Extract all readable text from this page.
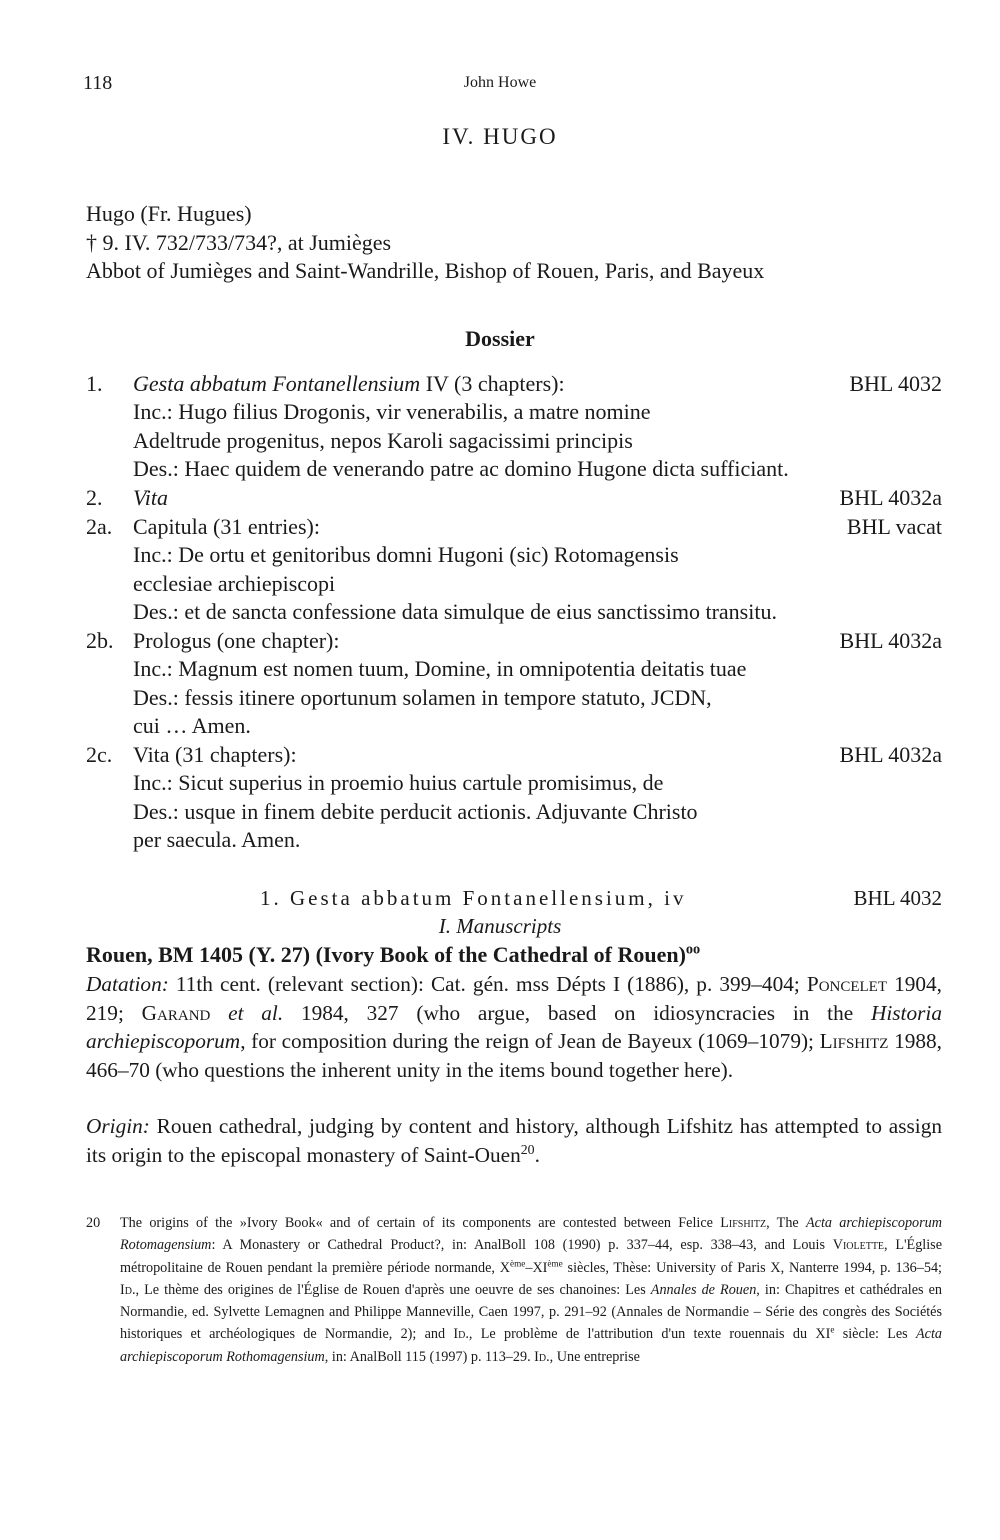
118	John Howe
IV. HUGO
Hugo (Fr. Hugues)
† 9. IV. 732/733/734?, at Jumièges
Abbot of Jumièges and Saint-Wandrille, Bishop of Rouen, Paris, and Bayeux
Dossier
1. Gesta abbatum Fontanellensium IV (3 chapters):	BHL 4032
Inc.: Hugo filius Drogonis, vir venerabilis, a matre nomine
Adeltrude progenitus, nepos Karoli sagacissimi principis
Des.: Haec quidem de venerando patre ac domino Hugone dicta sufficiant.
2. Vita	BHL 4032a
2a. Capitula (31 entries):	BHL vacat
Inc.: De ortu et genitoribus domni Hugoni (sic) Rotomagensis
ecclesiae archiepiscopi
Des.: et de sancta confessione data simulque de eius sanctissimo transitu.
2b. Prologus (one chapter):	BHL 4032a
Inc.: Magnum est nomen tuum, Domine, in omnipotentia deitatis tuae
Des.: fessis itinere oportunum solamen in tempore statuto, JCDN,
cui … Amen.
2c. Vita (31 chapters):	BHL 4032a
Inc.: Sicut superius in proemio huius cartule promisimus, de
Des.: usque in finem debite perducit actionis. Adjuvante Christo
per saecula. Amen.
1. Gesta abbatum Fontanellensium, iv	BHL 4032
I. Manuscripts
Rouen, BM 1405 (Y. 27) (Ivory Book of the Cathedral of Rouen)$^{oo}$
Datation: 11th cent. (relevant section): Cat. gén. mss Dépts I (1886), p. 399–404; Poncelet 1904, 219; Garand et al. 1984, 327 (who argue, based on idiosyncracies in the Historia archiepiscoporum, for composition during the reign of Jean de Bayeux (1069–1079); Lifshitz 1988, 466–70 (who questions the inherent unity in the items bound together here).
Origin: Rouen cathedral, judging by content and history, although Lifshitz has attempted to assign its origin to the episcopal monastery of Saint-Ouen$^{20}$.
20 The origins of the »Ivory Book« and of certain of its components are contested between Felice Lifshitz, The Acta archiepiscoporum Rotomagensium: A Monastery or Cathedral Product?, in: AnalBoll 108 (1990) p. 337–44, esp. 338–43, and Louis Violette, L'Église métropolitaine de Rouen pendant la première période normande, Xème–XIème siècles, Thèse: University of Paris X, Nanterre 1994, p. 136–54; Id., Le thème des origines de l'Église de Rouen d'après une oeuvre de ses chanoines: Les Annales de Rouen, in: Chapitres et cathédrales en Normandie, ed. Sylvette Lemagnen and Philippe Manneville, Caen 1997, p. 291–92 (Annales de Normandie – Série des congrès des Sociétés historiques et archéologiques de Normandie, 2); and Id., Le problème de l'attribution d'un texte rouennais du XIe siècle: Les Acta archiepiscoporum Rothomagensium, in: AnalBoll 115 (1997) p. 113–29. Id., Une entreprise
